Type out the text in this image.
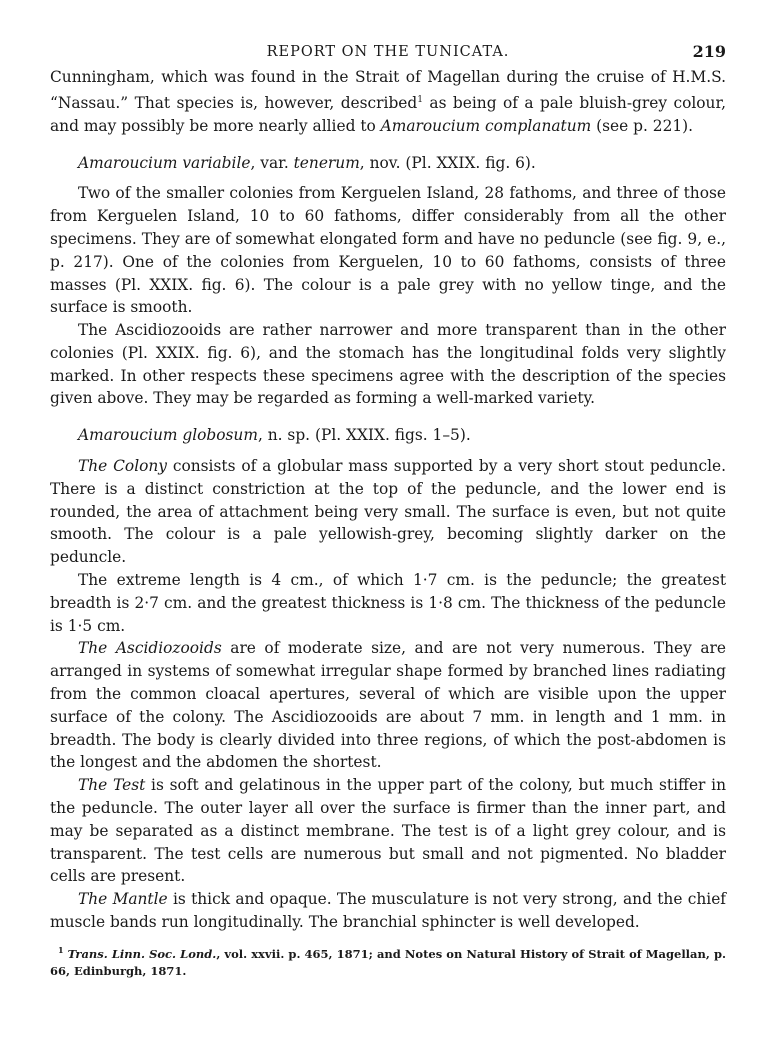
REPORT ON THE TUNICATA.	219

Cunningham, which was found in the Strait of Magellan during the cruise of H.M.S. “Nassau.” That species is, however, described$^1$ as being of a pale bluish-grey colour, and may possibly be more nearly allied to Amaroucium complanatum (see p. 221).

Amaroucium variabile, var. tenerum, nov. (Pl. XXIX. fig. 6).

Two of the smaller colonies from Kerguelen Island, 28 fathoms, and three of those from Kerguelen Island, 10 to 60 fathoms, differ considerably from all the other specimens. They are of somewhat elongated form and have no peduncle (see fig. 9, e., p. 217). One of the colonies from Kerguelen, 10 to 60 fathoms, consists of three masses (Pl. XXIX. fig. 6). The colour is a pale grey with no yellow tinge, and the surface is smooth.

The Ascidiozooids are rather narrower and more transparent than in the other colonies (Pl. XXIX. fig. 6), and the stomach has the longitudinal folds very slightly marked. In other respects these specimens agree with the description of the species given above. They may be regarded as forming a well-marked variety.

Amaroucium globosum, n. sp. (Pl. XXIX. figs. 1–5).

The Colony consists of a globular mass supported by a very short stout peduncle. There is a distinct constriction at the top of the peduncle, and the lower end is rounded, the area of attachment being very small. The surface is even, but not quite smooth. The colour is a pale yellowish-grey, becoming slightly darker on the peduncle.

The extreme length is 4 cm., of which 1·7 cm. is the peduncle; the greatest breadth is 2·7 cm. and the greatest thickness is 1·8 cm. The thickness of the peduncle is 1·5 cm.

The Ascidiozooids are of moderate size, and are not very numerous. They are arranged in systems of somewhat irregular shape formed by branched lines radiating from the common cloacal apertures, several of which are visible upon the upper surface of the colony. The Ascidiozooids are about 7 mm. in length and 1 mm. in breadth. The body is clearly divided into three regions, of which the post-abdomen is the longest and the abdomen the shortest.

The Test is soft and gelatinous in the upper part of the colony, but much stiffer in the peduncle. The outer layer all over the surface is firmer than the inner part, and may be separated as a distinct membrane. The test is of a light grey colour, and is transparent. The test cells are numerous but small and not pigmented. No bladder cells are present.

The Mantle is thick and opaque. The musculature is not very strong, and the chief muscle bands run longitudinally. The branchial sphincter is well developed.

$^1$ Trans. Linn. Soc. Lond., vol. xxvii. p. 465, 1871; and Notes on Natural History of Strait of Magellan, p. 66, Edinburgh, 1871.
